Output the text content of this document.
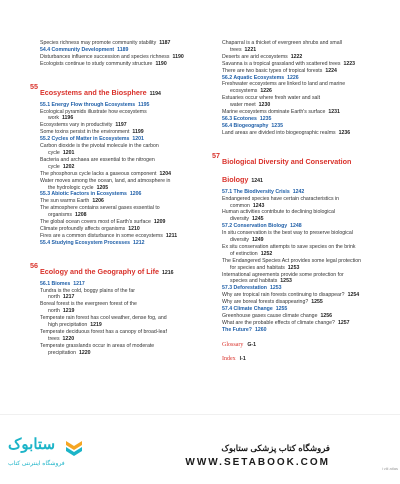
Species richness may promote community stability 1187
54.4 Community Development 1189
Disturbances influence succession and species richness 1190
Ecologists continue to study community structure 1190
55
Ecosystems and the Biosphere 1194
55.1 Energy Flow through Ecosystems 1195
Ecological pyramids illustrate how ecosystems
work 1196
Ecosystems vary in productivity 1197
Some toxins persist in the environment 1199
55.2 Cycles of Matter in Ecosystems 1201
Carbon dioxide is the pivotal molecule in the carbon
cycle 1201
Bacteria and archaea are essential to the nitrogen
cycle 1202
The phosphorus cycle lacks a gaseous component 1204
Water moves among the ocean, land, and atmosphere in
the hydrologic cycle 1205
55.3 Abiotic Factors in Ecosystems 1206
The sun warms Earth 1206
The atmosphere contains several gases essential to
organisms 1208
The global ocean covers most of Earth's surface 1209
Climate profoundly affects organisms 1210
Fires are a common disturbance in some ecosystems 1211
55.4 Studying Ecosystem Processes 1212
56
Ecology and the Geography of Life 1216
56.1 Biomes 1217
Tundra is the cold, boggy plains of the far
north 1217
Boreal forest is the evergreen forest of the
north 1219
Temperate rain forest has cool weather, dense fog, and
high precipitation 1219
Temperate deciduous forest has a canopy of broad-leaf
trees 1220
Temperate grasslands occur in areas of moderate
precipitation 1220
Chaparral is a thicket of evergreen shrubs and small
trees 1221
Deserts are arid ecosystems 1222
Savanna is a tropical grassland with scattered trees 1223
There are two basic types of tropical forests 1224
56.2 Aquatic Ecosystems 1226
Freshwater ecosystems are linked to land and marine
ecosystems 1226
Estuaries occur where fresh water and salt
water meet 1230
Marine ecosystems dominate Earth's surface 1231
56.3 Ecotones 1235
56.4 Biogeography 1235
Land areas are divided into biogeographic realms 1236
57
Biological Diversity and Conservation Biology 1241
57.1 The Biodiversity Crisis 1242
Endangered species have certain characteristics in
common 1243
Human activities contribute to declining biological
diversity 1245
57.2 Conservation Biology 1248
In situ conservation is the best way to preserve biological
diversity 1249
Ex situ conservation attempts to save species on the brink
of extinction 1252
The Endangered Species Act provides some legal protection
for species and habitats 1253
International agreements provide some protection for
species and habitats 1253
57.3 Deforestation 1253
Why are tropical rain forests continuing to disappear? 1254
Why are boreal forests disappearing? 1255
57.4 Climate Change 1255
Greenhouse gases cause climate change 1256
What are the probable effects of climate change? 1257
The Future? 1260
Glossary G-1
Index I-1
ستابوک
فروشگاه اینترنتی کتاب
فروشگاه کتاب پزشکی ستابوک
WWW.SETABOOK.COM
i viii atlas
